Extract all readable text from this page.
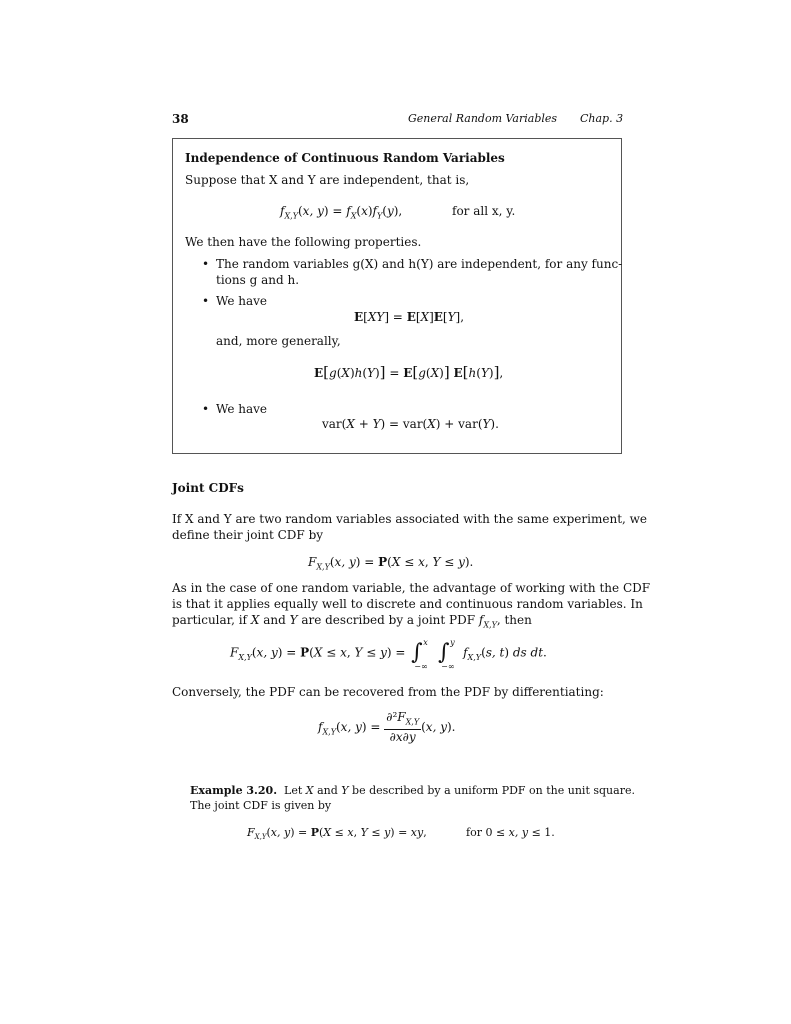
38	General Random Variables Chap. 3
Independence of Continuous Random Variables
Suppose that X and Y are independent, that is,
$f_{X,Y}(x$, $y) = f_X(x)f_Y(y)$,	for all x, y.
We then have the following properties.
• The random variables g(X) and h(Y) are independent, for any func-
tions g and h.
• We have
E[XY] = E[X]E[Y],
and, more generally,
E[g(X)h(Y)] = E[g(X)] E[h(Y)],
• We have
var(X + Y) = var(X) + var(Y).
Joint CDFs
If X and Y are two random variables associated with the same experiment, we
define their joint CDF by
$F_{X,Y}(x$, y) = P(X ≤ x, Y ≤ y).
As in the case of one random variable, the advantage of working with the CDF
is that it applies equally well to discrete and continuous random variables. In
particular, if X and Y are described by a joint PDF $f_{X,Y}$, then
$F_{X,Y}(x$, y) = P(X ≤ x, Y ≤ y) = ∫ x
−∞
∫ y
−∞
$f_{X,Y}(s$, t) ds dt.
Conversely, the PDF can be recovered from the PDF by differentiating:
$f_{X,Y}(x$, $y) = \frac{\partial^2F_{X,Y}}{\partial x\partial y} (x$, y).
Example 3.20.  Let X and Y be described by a uniform PDF on the unit square.
The joint CDF is given by
$F_{X,Y}(x$, y) = P(X ≤ x, Y ≤ y) = xy,	for 0 ≤ x, y ≤ 1.
